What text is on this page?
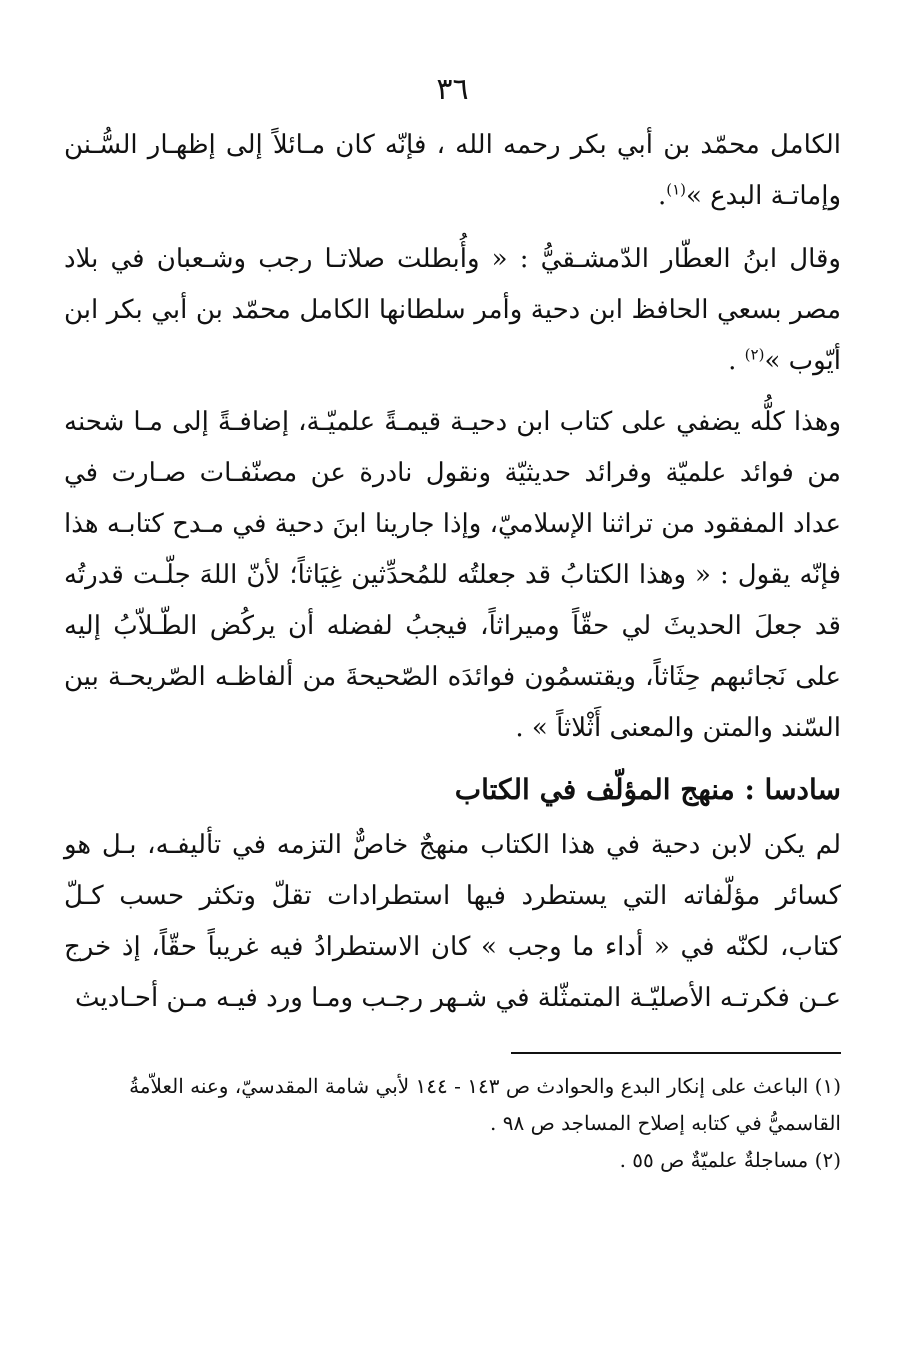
٣٦

الكامل محمّد بن أبي بكر رحمه الله ، فإنّه كان مـائلاً إلى إظهـار السُّـنن وإماتـة البدع »$^{(١)}$.

وقال ابنُ العطّار الدّمشـقيُّ : « وأُبطلت صلاتـا رجب وشـعبان في بلاد مصر بسعي الحافظ ابن دحية وأمر سلطانها الكامل محمّد بن أبي بكر ابن أيّوب »$^{(٢)}$ .

وهذا كلُّه يضفي على كتاب ابن دحيـة قيمـةً علميّـة، إضافـةً إلى مـا شحنه من فوائد علميّة وفرائد حديثيّة ونقول نادرة عن مصنّفـات صـارت في عداد المفقود من تراثنا الإسلاميّ، وإذا جارينا ابنَ دحية في مـدح كتابـه هذا فإنّه يقول : « وهذا الكتابُ قد جعلتُه للمُحدِّثين غِيَاثاً؛ لأنّ اللهَ جلّـت قدرتُه قد جعلَ الحديثَ لي حقّاً وميراثاً، فيجبُ لفضله أن يركُض الطّـلاّبُ إليه على نَجائبهم حِثَاثاً، ويقتسمُون فوائدَه الصّحيحةَ من ألفاظـه الصّريحـة بين السّند والمتن والمعنى أَثْلاثاً » .

سادسا : منهج المؤلّف في الكتاب

لم يكن لابن دحية في هذا الكتاب منهجٌ خاصٌّ التزمه في تأليفـه، بـل هو كسائر مؤلّفاته التي يستطرد فيها استطرادات تقلّ وتكثر حسب كـلّ كتاب، لكنّه في « أداء ما وجب » كان الاستطرادُ فيه غريباً حقّاً، إذ خرج عـن فكرتـه الأصليّـة المتمثّلة في شـهر رجـب ومـا ورد فيـه مـن أحـاديث

(١) الباعث على إنكار البدع والحوادث ص ١٤٣ - ١٤٤ لأبي شامة المقدسيّ، وعنه العلاّمةُ القاسميُّ في كتابه إصلاح المساجد ص ٩٨ .

(٢) مساجلةٌ علميّةٌ ص ٥٥ .
